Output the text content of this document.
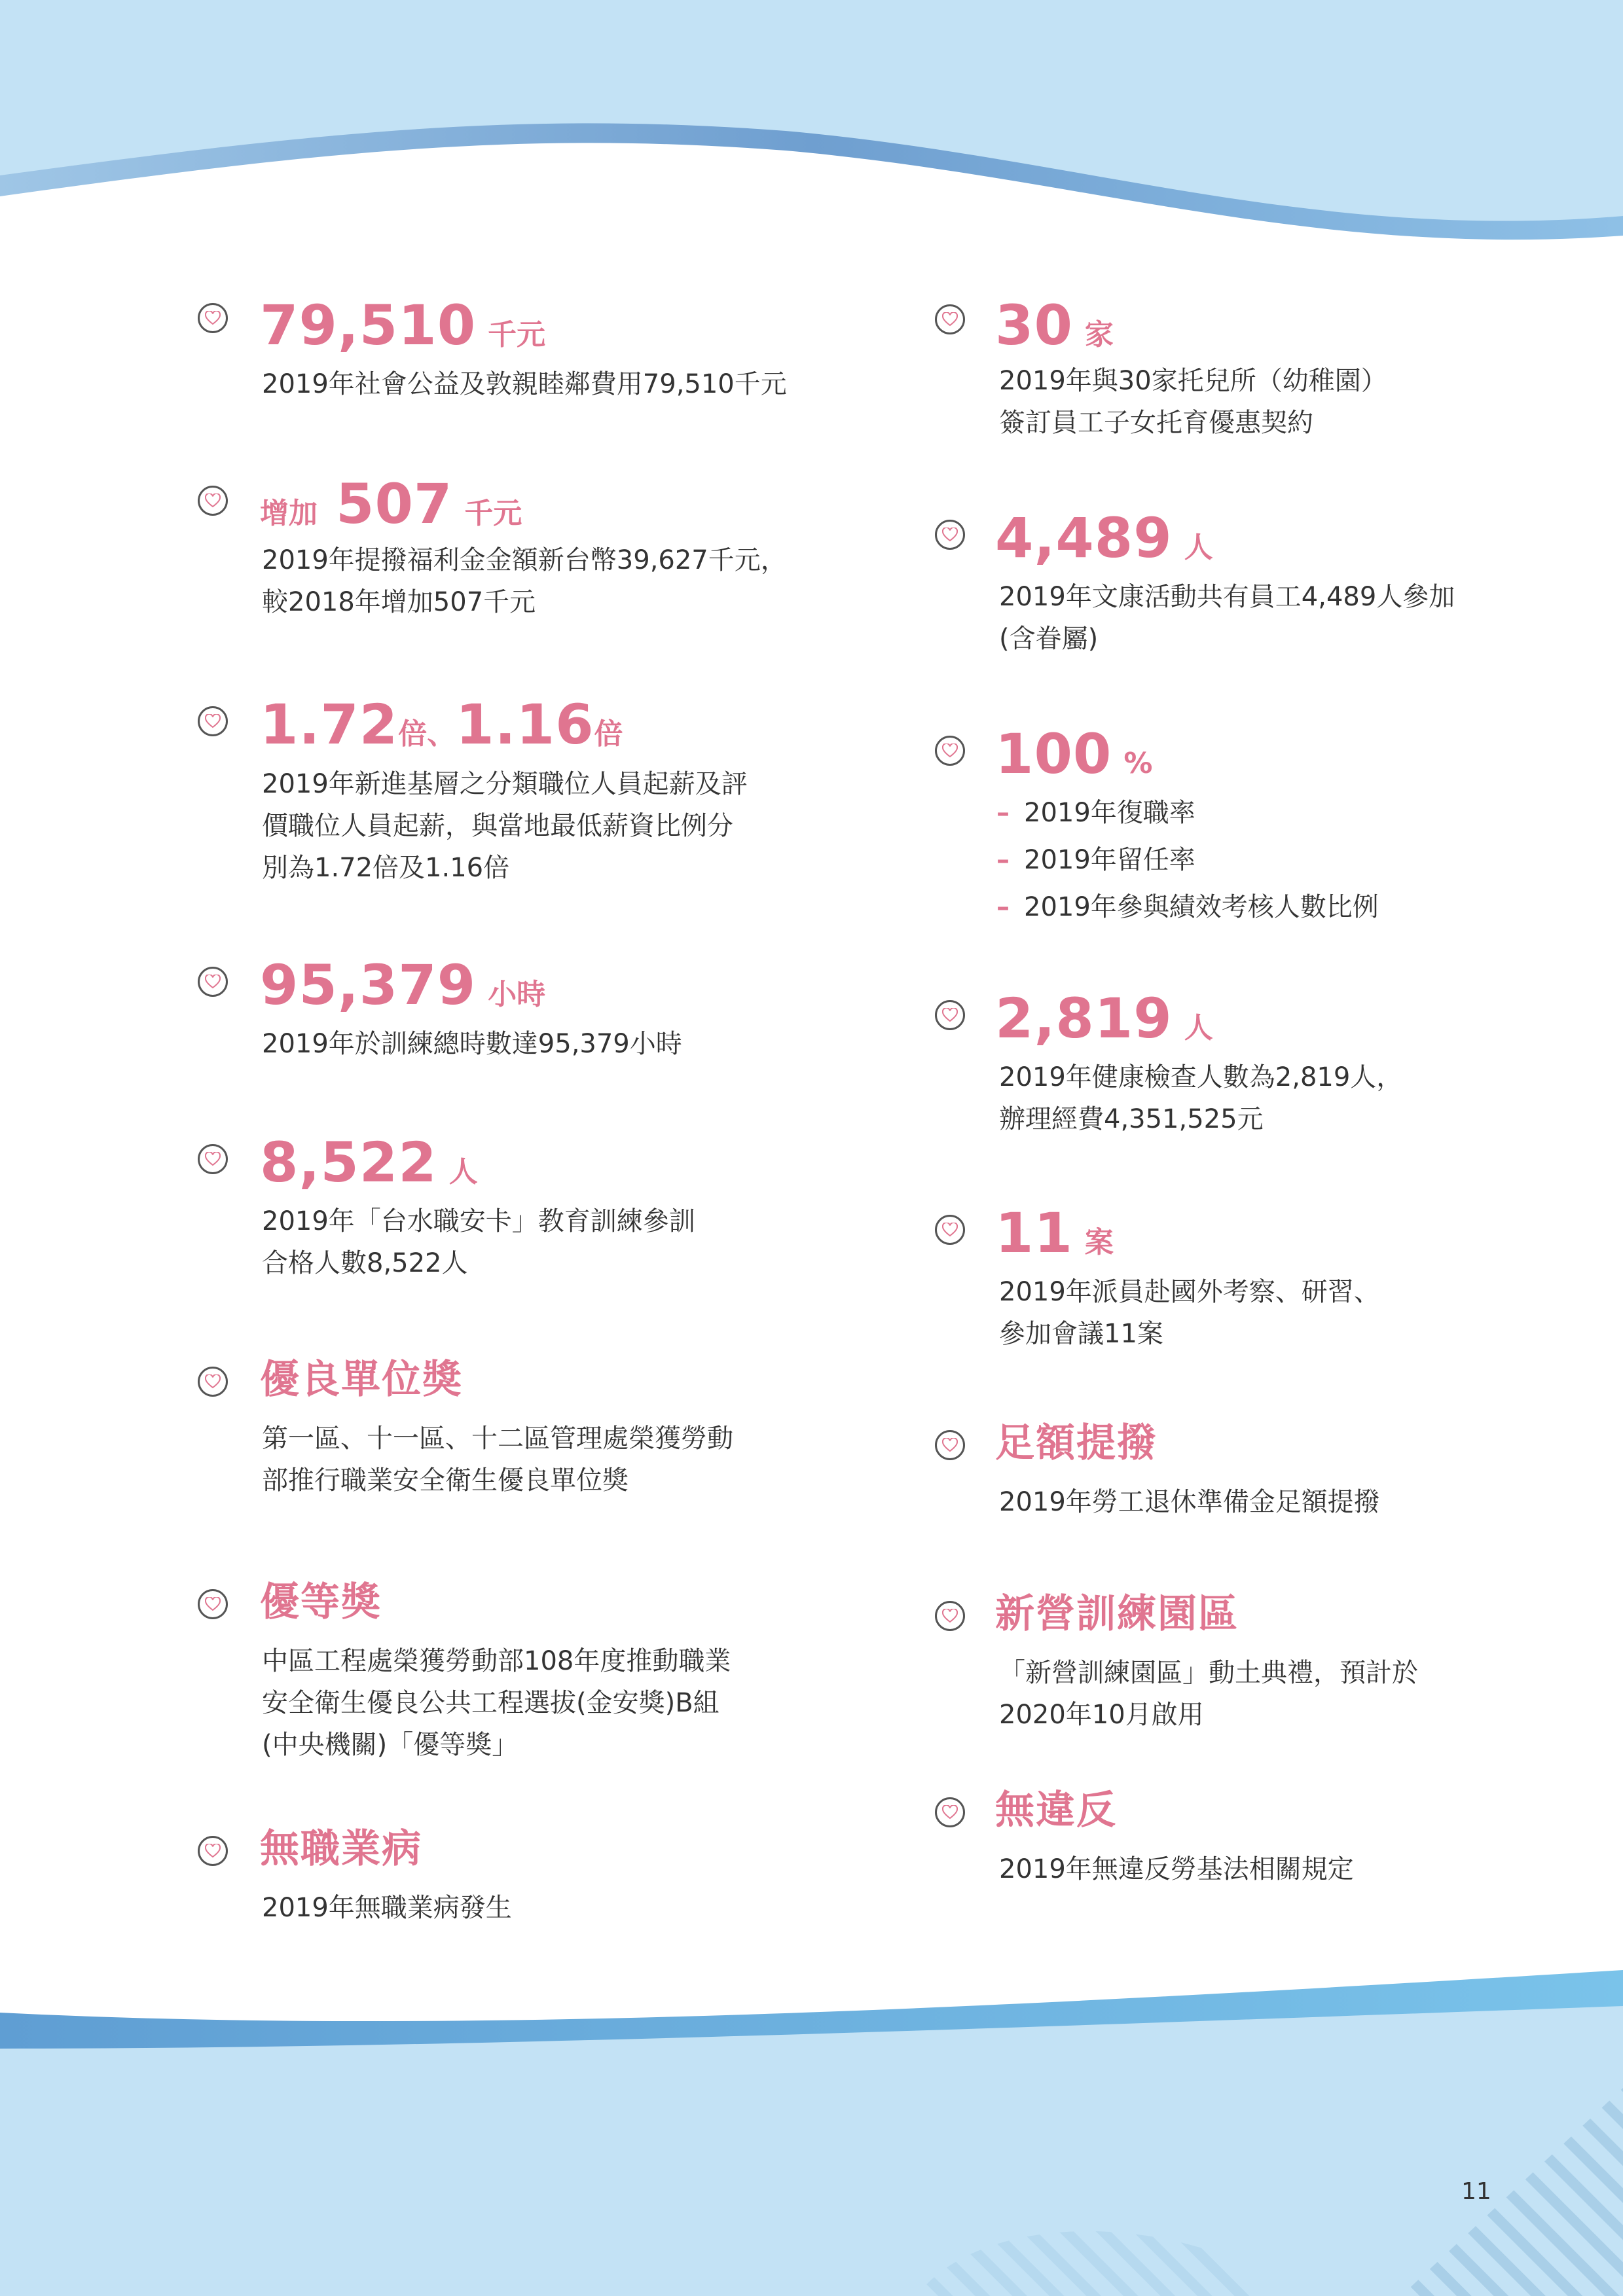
79,510 千元
2019年社會公益及敦親睦鄰費用79,510千元
增加 507 千元
2019年提撥福利金金額新台幣39,627千元，
較2018年增加507千元
1.72倍、1.16倍
2019年新進基層之分類職位人員起薪及評
價職位人員起薪，與當地最低薪資比例分
別為1.72倍及1.16倍
95,379 小時
2019年於訓練總時數達95,379小時
8,522 人
2019年「台水職安卡」教育訓練參訓
合格人數8,522人
優良單位獎
第一區、十一區、十二區管理處榮獲勞動
部推行職業安全衛生優良單位獎
優等獎
中區工程處榮獲勞動部108年度推動職業
安全衛生優良公共工程選拔(金安獎)B組
(中央機關)「優等獎」
無職業病
2019年無職業病發生
30 家
2019年與30家托兒所（幼稚園）
簽訂員工子女托育優惠契約
4,489 人
2019年文康活動共有員工4,489人參加
(含眷屬)
100 %
– 2019年復職率
– 2019年留任率
– 2019年參與績效考核人數比例
2,819 人
2019年健康檢查人數為2,819人，
辦理經費4,351,525元
11 案
2019年派員赴國外考察、研習、
參加會議11案
足額提撥
2019年勞工退休準備金足額提撥
新營訓練園區
「新營訓練園區」動土典禮，預計於
2020年10月啟用
無違反
2019年無違反勞基法相關規定
11
